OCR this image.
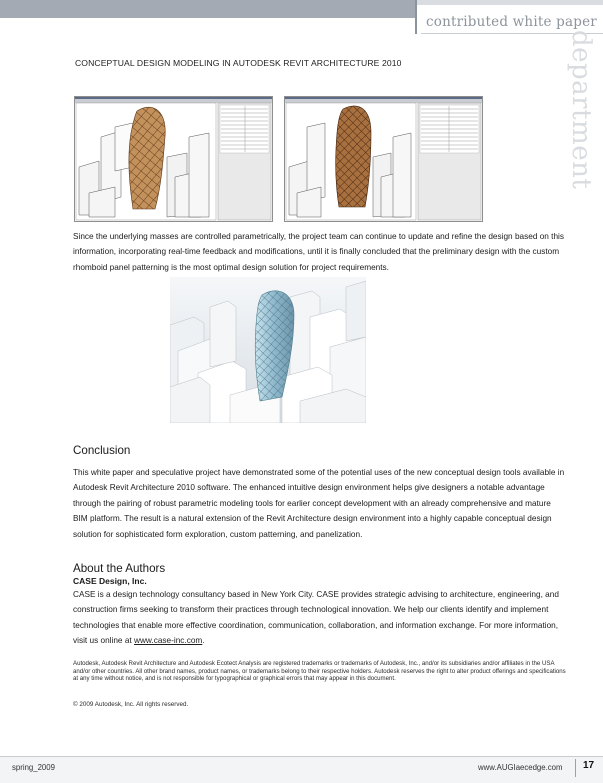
contributed white paper
department
CONCEPTUAL DESIGN MODELING IN AUTODESK REVIT ARCHITECTURE 2010

Since the underlying masses are controlled parametrically, the project team can continue to update and refine the design based on this information, incorporating real-time feedback and modifications, until it is finally concluded that the preliminary design with the custom rhomboid panel patterning is the most optimal design solution for project requirements.

Conclusion

This white paper and speculative project have demonstrated some of the potential uses of the new conceptual design tools available in Autodesk Revit Architecture 2010 software. The enhanced intuitive design environment helps give designers a notable advantage through the pairing of robust parametric modeling tools for earlier concept development with an already comprehensive and mature BIM platform. The result is a natural extension of the Revit Architecture design environment into a highly capable conceptual design solution for sophisticated form exploration, custom patterning, and panelization.

About the Authors
CASE Design, Inc.

CASE is a design technology consultancy based in New York City. CASE provides strategic advising to architecture, engineering, and construction firms seeking to transform their practices through technological innovation. We help our clients identify and implement technologies that enable more effective coordination, communication, collaboration, and information exchange. For more information, visit us online at www.case-inc.com.

Autodesk, Autodesk Revit Architecture and Autodesk Ecotect Analysis are registered trademarks or trademarks of Autodesk, Inc., and/or its subsidiaries and/or affiliates in the USA and/or other countries. All other brand names, product names, or trademarks belong to their respective holders. Autodesk reserves the right to alter product offerings and specifications at any time without notice, and is not responsible for typographical or graphical errors that may appear in this document.

© 2009 Autodesk, Inc. All rights reserved.
spring_2009	www.AUGIaecedge.com 17
